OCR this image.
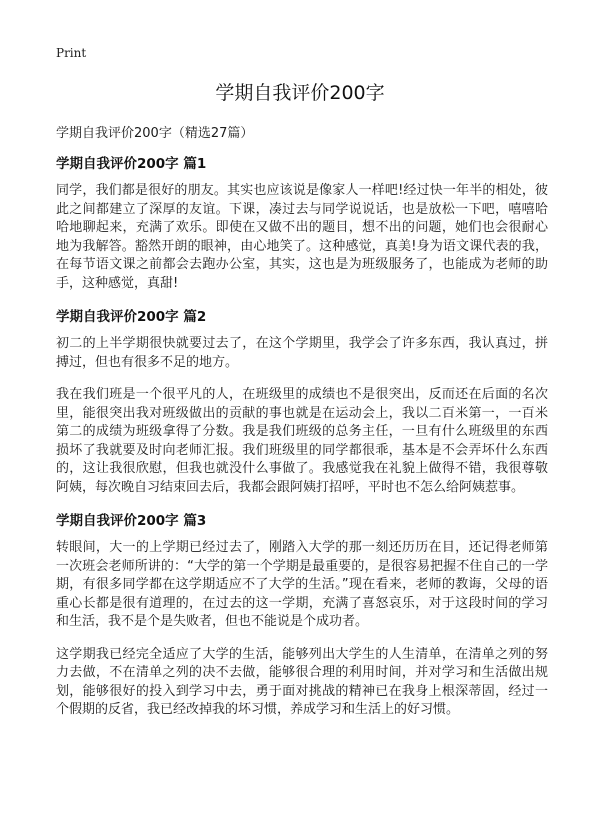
Print
学期自我评价200字

学期自我评价200字（精选27篇）

学期自我评价200字 篇1

同学，我们都是很好的朋友。其实也应该说是像家人一样吧!经过快一年半的相处，彼此之间都建立了深厚的友谊。下课，凑过去与同学说说话，也是放松一下吧，嘻嘻哈哈地聊起来，充满了欢乐。即使在又做不出的题目，想不出的问题，她们也会很耐心地为我解答。豁然开朗的眼神，由心地笑了。这种感觉，真美!身为语文课代表的我，在每节语文课之前都会去跑办公室，其实，这也是为班级服务了，也能成为老师的助手，这种感觉，真甜!

学期自我评价200字 篇2

初二的上半学期很快就要过去了，在这个学期里，我学会了许多东西，我认真过，拼搏过，但也有很多不足的地方。

我在我们班是一个很平凡的人，在班级里的成绩也不是很突出，反而还在后面的名次里，能很突出我对班级做出的贡献的事也就是在运动会上，我以二百米第一，一百米第二的成绩为班级拿得了分数。我是我们班级的总务主任，一旦有什么班级里的东西损坏了我就要及时向老师汇报。我们班级里的同学都很乖，基本是不会弄坏什么东西的，这让我很欣慰，但我也就没什么事做了。我感觉我在礼貌上做得不错，我很尊敬阿姨，每次晚自习结束回去后，我都会跟阿姨打招呼，平时也不怎么给阿姨惹事。

学期自我评价200字 篇3

转眼间，大一的上学期已经过去了，刚踏入大学的那一刻还历历在目，还记得老师第一次班会老师所讲的：“大学的第一个学期是最重要的，是很容易把握不住自己的一学期，有很多同学都在这学期适应不了大学的生活。”现在看来，老师的教诲，父母的语重心长都是很有道理的，在过去的这一学期，充满了喜怒哀乐，对于这段时间的学习和生活，我不是个是失败者，但也不能说是个成功者。

这学期我已经完全适应了大学的生活，能够列出大学生的人生清单，在清单之列的努力去做，不在清单之列的决不去做，能够很合理的利用时间，并对学习和生活做出规划，能够很好的投入到学习中去，勇于面对挑战的精神已在我身上根深蒂固，经过一个假期的反省，我已经改掉我的坏习惯，养成学习和生活上的好习惯。
